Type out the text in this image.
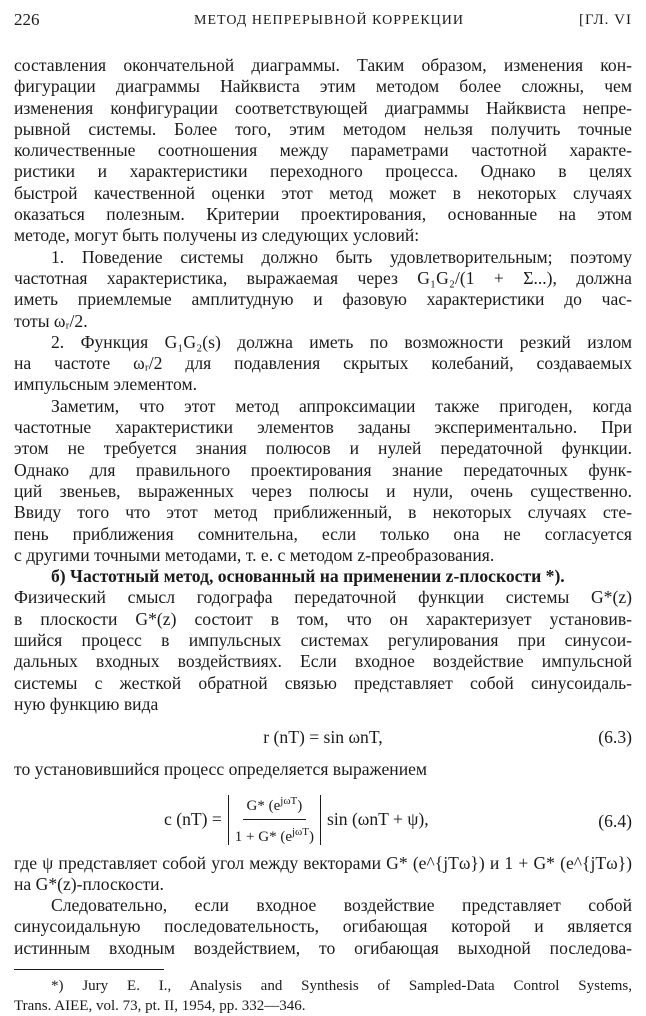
226	МЕТОД НЕПРЕРЫВНОЙ КОРРЕКЦИИ	[ГЛ. VI

составления окончательной диаграммы. Таким образом, изменения кон-
фигурации диаграммы Найквиста этим методом более сложны, чем
изменения конфигурации соответствующей диаграммы Найквиста непре-
рывной системы. Более того, этим методом нельзя получить точные
количественные соотношения между параметрами частотной характе-
ристики и характеристики переходного процесса. Однако в целях
быстрой качественной оценки этот метод может в некоторых случаях
оказаться полезным. Критерии проектирования, основанные на этом
методе, могут быть получены из следующих условий:

1. Поведение системы должно быть удовлетворительным; поэтому
частотная характеристика, выражаемая через G₁G₂/(1 + Σ...), должна
иметь приемлемые амплитудную и фазовую характеристики до час-
тоты ωᵣ/2.

2. Функция G₁G₂(s) должна иметь по возможности резкий излом
на частоте ωᵣ/2 для подавления скрытых колебаний, создаваемых
импульсным элементом.

Заметим, что этот метод аппроксимации также пригоден, когда
частотные характеристики элементов заданы экспериментально. При
этом не требуется знания полюсов и нулей передаточной функции.
Однако для правильного проектирования знание передаточных функ-
ций звеньев, выраженных через полюсы и нули, очень существенно.
Ввиду того что этот метод приближенный, в некоторых случаях сте-
пень приближения сомнительна, если только она не согласуется
с другими точными методами, т. е. с методом z-преобразования.

б) Частотный метод, основанный на применении z-плоскости *).

Физический смысл годографа передаточной функции системы G*(z)
в плоскости G*(z) состоит в том, что он характеризует установив-
шийся процесс в импульсных системах регулирования при синусои-
дальных входных воздействиях. Если входное воздействие импульсной
системы с жесткой обратной связью представляет собой синусоидаль-
ную функцию вида

r (nT) = sin ωnT,	(6.3)

то установившийся процесс определяется выражением

c $(nT) = \frac{G* (e^{j\omega T})}{1 + G* (e^{j\omega T})}$ sin (ωnT + ψ),	(6.4)

где ψ представляет собой угол между векторами G* (e^{jTω}) и 1 + G* (e^{jTω})
на G*(z)-плоскости.

Следовательно, если входное воздействие представляет собой
синусоидальную последовательность, огибающая которой и является
истинным входным воздействием, то огибающая выходной последова-

*) Jury E. I., Analysis and Synthesis of Sampled-Data Control Systems,
Trans. AIEE, vol. 73, pt. II, 1954, pp. 332—346.
